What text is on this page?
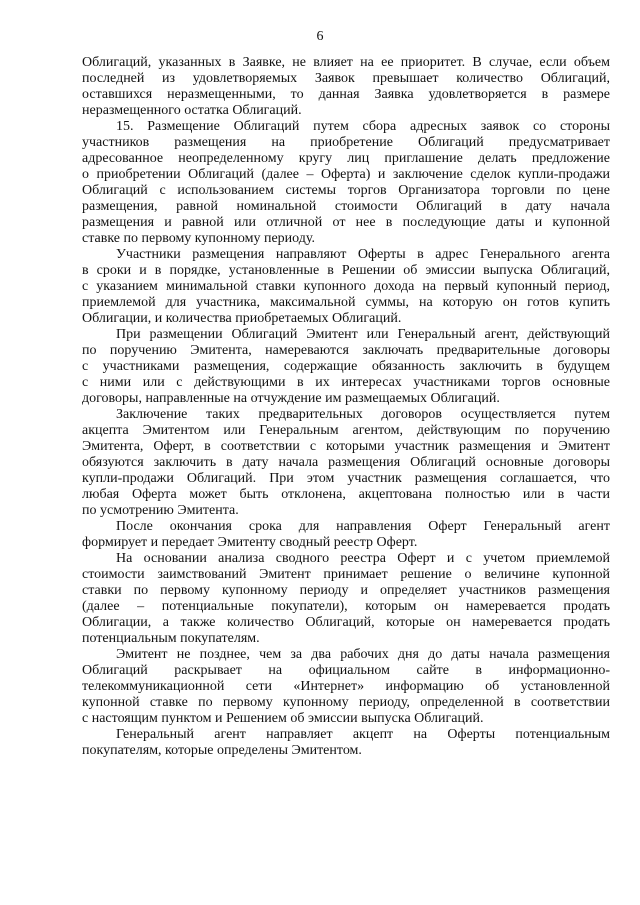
6
Облигаций, указанных в Заявке, не влияет на ее приоритет. В случае, если объем
последней из удовлетворяемых Заявок превышает количество Облигаций,
оставшихся неразмещенными, то данная Заявка удовлетворяется в размере
неразмещенного остатка Облигаций.
15. Размещение Облигаций путем сбора адресных заявок со стороны
участников размещения на приобретение Облигаций предусматривает
адресованное неопределенному кругу лиц приглашение делать предложение
о приобретении Облигаций (далее – Оферта) и заключение сделок купли-продажи
Облигаций с использованием системы торгов Организатора торговли по цене
размещения, равной номинальной стоимости Облигаций в дату начала
размещения и равной или отличной от нее в последующие даты и купонной
ставке по первому купонному периоду.
Участники размещения направляют Оферты в адрес Генерального агента
в сроки и в порядке, установленные в Решении об эмиссии выпуска Облигаций,
с указанием минимальной ставки купонного дохода на первый купонный период,
приемлемой для участника, максимальной суммы, на которую он готов купить
Облигации, и количества приобретаемых Облигаций.
При размещении Облигаций Эмитент или Генеральный агент, действующий
по поручению Эмитента, намереваются заключать предварительные договоры
с участниками размещения, содержащие обязанность заключить в будущем
с ними или с действующими в их интересах участниками торгов основные
договоры, направленные на отчуждение им размещаемых Облигаций.
Заключение таких предварительных договоров осуществляется путем
акцепта Эмитентом или Генеральным агентом, действующим по поручению
Эмитента, Оферт, в соответствии с которыми участник размещения и Эмитент
обязуются заключить в дату начала размещения Облигаций основные договоры
купли-продажи Облигаций. При этом участник размещения соглашается, что
любая Оферта может быть отклонена, акцептована полностью или в части
по усмотрению Эмитента.
После окончания срока для направления Оферт Генеральный агент
формирует и передает Эмитенту сводный реестр Оферт.
На основании анализа сводного реестра Оферт и с учетом приемлемой
стоимости заимствований Эмитент принимает решение о величине купонной
ставки по первому купонному периоду и определяет участников размещения
(далее – потенциальные покупатели), которым он намеревается продать
Облигации, а также количество Облигаций, которые он намеревается продать
потенциальным покупателям.
Эмитент не позднее, чем за два рабочих дня до даты начала размещения
Облигаций раскрывает на официальном сайте в информационно-
телекоммуникационной сети «Интернет» информацию об установленной
купонной ставке по первому купонному периоду, определенной в соответствии
с настоящим пунктом и Решением об эмиссии выпуска Облигаций.
Генеральный агент направляет акцепт на Оферты потенциальным
покупателям, которые определены Эмитентом.
